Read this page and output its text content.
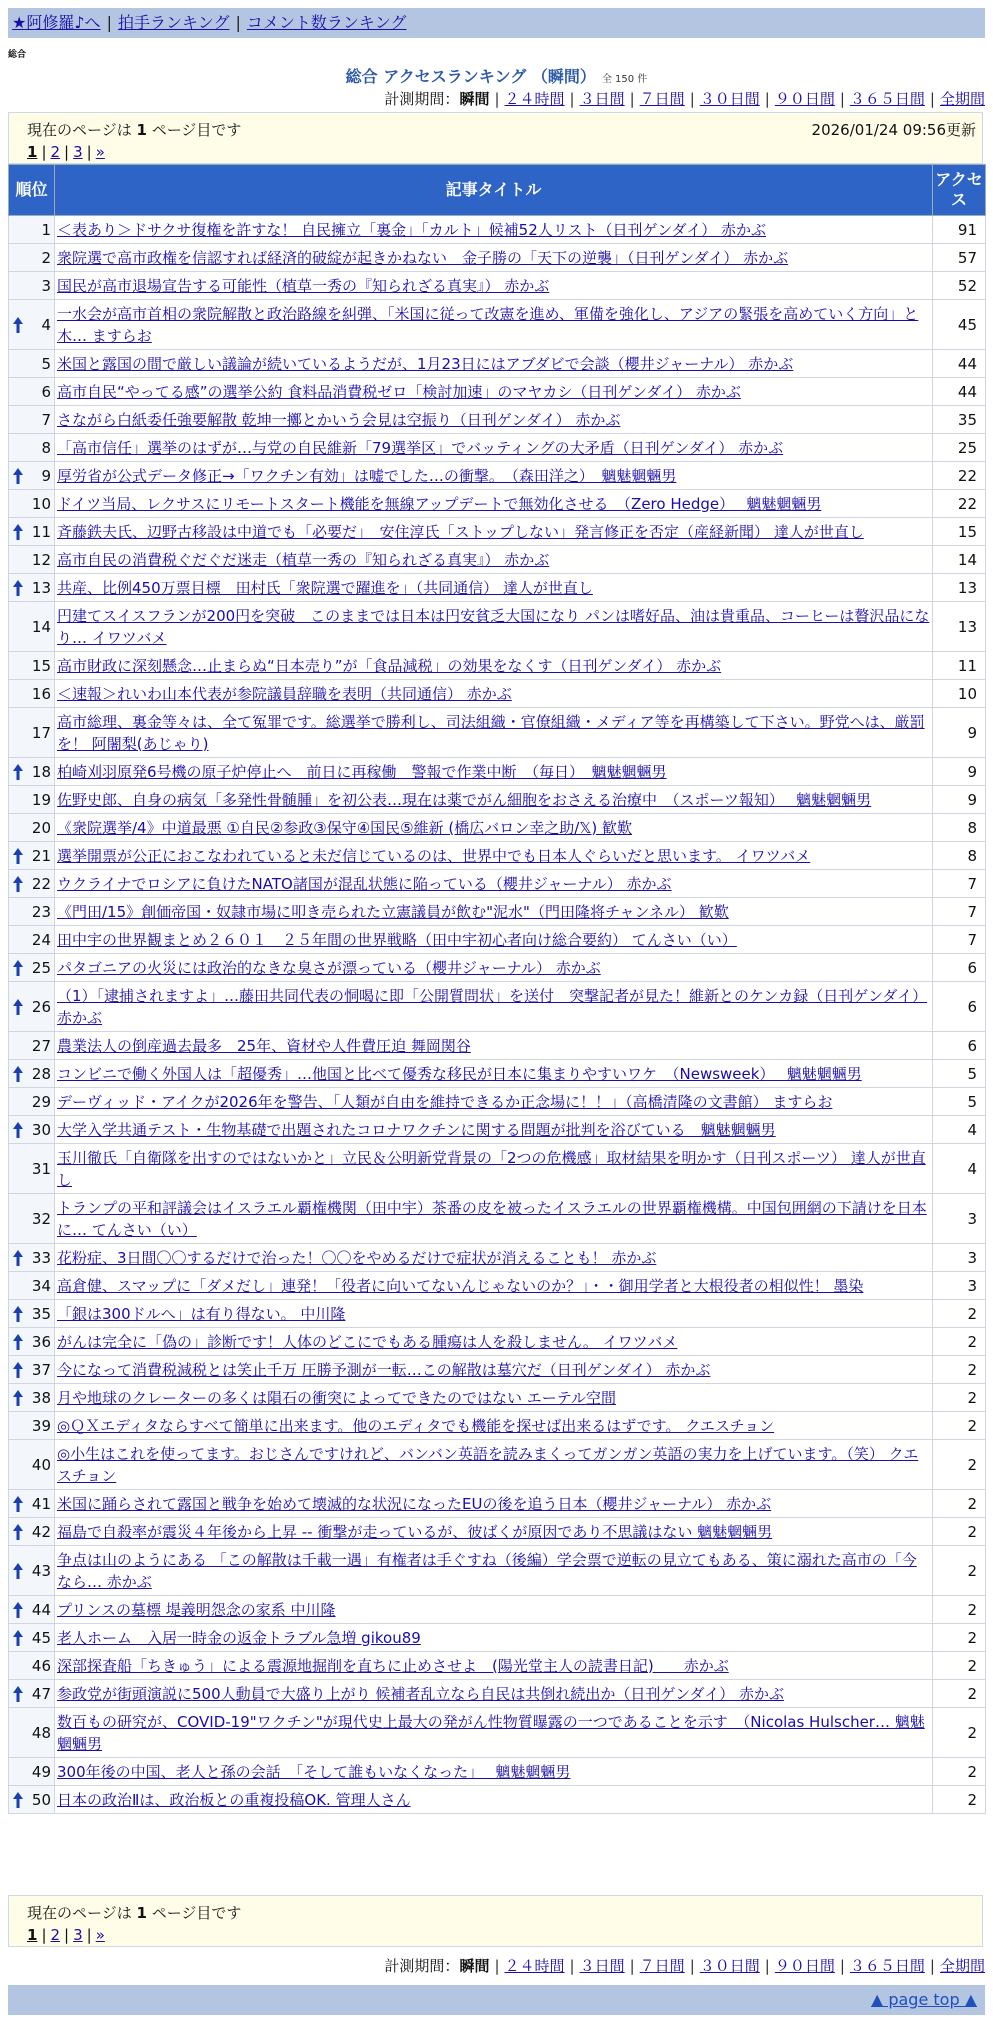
★阿修羅♪へ | 拍手ランキング | コメント数ランキング
総合
総合 アクセスランキング （瞬間） 全 150 件
計測期間：瞬間 | ２４時間 | ３日間 | ７日間 | ３０日間 | ９０日間 | ３６５日間 | 全期間
現在のページは 1 ページ目です	2026/01/24 09:56更新
1 | 2 | 3 | »
順位	記事タイトル	アクセス
1	＜表あり＞ドサクサ復権を許すな！ 自民擁立「裏金」「カルト」候補52人リスト（日刊ゲンダイ） 赤かぶ	91
2	衆院選で高市政権を信認すれば経済的破綻が起きかねない　金子勝の「天下の逆襲」（日刊ゲンダイ） 赤かぶ	57
3	国民が高市退場宣告する可能性（植草一秀の『知られざる真実』） 赤かぶ	52

4	一水会が高市首相の衆院解散と政治路線を糾弾、「米国に従って改憲を進め、軍備を強化し、アジアの緊張を高めていく方向」と木… ますらお	45
5	米国と露国の間で厳しい議論が続いているようだが、1月23日にはアブダビで会談（櫻井ジャーナル） 赤かぶ	44
6	高市自民“やってる感”の選挙公約 食料品消費税ゼロ「検討加速」のマヤカシ（日刊ゲンダイ） 赤かぶ	44
7	さながら白紙委任強要解散 乾坤一擲とかいう会見は空振り（日刊ゲンダイ） 赤かぶ	35
8	「高市信任」選挙のはずが…与党の自民維新「79選挙区」でバッティングの大矛盾（日刊ゲンダイ） 赤かぶ	25

9	厚労省が公式データ修正→「ワクチン有効」は嘘でした…の衝撃。　（森田洋之）　魑魅魍魎男	22
10	ドイツ当局、レクサスにリモートスタート機能を無線アップデートで無効化させる　（Zero Hedge）　 魑魅魍魎男	22

11	斉藤鉄夫氏、辺野古移設は中道でも「必要だ」　安住淳氏「ストップしない」発言修正を否定（産経新聞） 達人が世直し	15
12	高市自民の消費税ぐだぐだ迷走（植草一秀の『知られざる真実』） 赤かぶ	14

13	共産、比例450万票目標　田村氏「衆院選で躍進を」（共同通信） 達人が世直し	13
14	円建てスイスフランが200円を突破　このままでは日本は円安貧乏大国になり パンは嗜好品、油は貴重品、コーヒーは贅沢品になり… イワツバメ	13
15	高市財政に深刻懸念…止まらぬ“日本売り”が「食品減税」の効果をなくす（日刊ゲンダイ） 赤かぶ	11
16	＜速報＞れいわ山本代表が参院議員辞職を表明（共同通信） 赤かぶ	10
17	高市総理、裏金等々は、全て冤罪です。総選挙で勝利し、司法組織・官僚組織・メディア等を再構築して下さい。野党へは、厳罰を！ 阿闍梨(あじゃり)	9

18	柏崎刈羽原発6号機の原子炉停止へ　前日に再稼働　警報で作業中断　（毎日）　魑魅魍魎男	9
19	佐野史郎、自身の病気「多発性骨髄腫」を初公表…現在は薬でがん細胞をおさえる治療中　（スポーツ報知）　 魑魅魍魎男	9
20	《衆院選挙/4》中道最悪 ①自民②参政③保守④国民⑤維新 (橋広バロン幸之助/𝕏) 歓歎	8

21	選挙開票が公正におこなわれていると未だ信じているのは、世界中でも日本人ぐらいだと思います。 イワツバメ	8

22	ウクライナでロシアに負けたNATO諸国が混乱状態に陥っている（櫻井ジャーナル） 赤かぶ	7
23	《門田/15》創価帝国・奴隷市場に叩き売られた立憲議員が飲む"泥水"（門田隆将チャンネル） 歓歎	7
24	田中宇の世界観まとめ２６０１　２５年間の世界戦略（田中宇初心者向け総合要約） てんさい（い）	7

25	パタゴニアの火災には政治的なきな臭さが漂っている（櫻井ジャーナル） 赤かぶ	6

26	（1）「逮捕されますよ」…藤田共同代表の恫喝に即「公開質問状」を送付　突撃記者が見た！維新とのケンカ録（日刊ゲンダイ） 赤かぶ	6
27	農業法人の倒産過去最多　25年、資材や人件費圧迫 舞岡関谷	6

28	コンビニで働く外国人は「超優秀」…他国と比べて優秀な移民が日本に集まりやすいワケ　（Newsweek）　 魑魅魍魎男	5
29	デーヴィッド・アイクが2026年を警告、「人類が自由を維持できるか正念場に！！」（高橋清隆の文書館） ますらお	5

30	大学入学共通テスト・生物基礎で出題されたコロナワクチンに関する問題が批判を浴びている　魑魅魍魎男	4
31	玉川徹氏「自衛隊を出すのではないかと」立民＆公明新党背景の「2つの危機感」取材結果を明かす（日刊スポーツ） 達人が世直し	4
32	トランプの平和評議会はイスラエル覇権機関（田中宇）茶番の皮を被ったイスラエルの世界覇権機構。中国包囲網の下請けを日本に… てんさい（い）	3

33	花粉症、3日間〇〇するだけで治った！〇〇をやめるだけで症状が消えることも！ 赤かぶ	3
34	高倉健、スマップに「ダメだし」連発！「役者に向いてないんじゃないのか？」・・御用学者と大根役者の相似性！ 墨染	3

35	「銀は300ドルへ」は有り得ない。 中川隆	2

36	がんは完全に「偽の」診断です！人体のどこにでもある腫瘍は人を殺しません。 イワツバメ	2

37	今になって消費税減税とは笑止千万 圧勝予測が一転…この解散は墓穴だ（日刊ゲンダイ） 赤かぶ	2

38	月や地球のクレーターの多くは隕石の衝突によってできたのではない エーテル空間	2
39	◎ＱＸエディタならすべて簡単に出来ます。他のエディタでも機能を探せば出来るはずです。 クエスチョン	2
40	◎小生はこれを使ってます。おじさんですけれど、バンバン英語を読みまくってガンガン英語の実力を上げています。（笑） クエスチョン	2

41	米国に踊らされて露国と戦争を始めて壊滅的な状況になったEUの後を追う日本（櫻井ジャーナル） 赤かぶ	2

42	福島で自殺率が震災４年後から上昇 -- 衝撃が走っているが、彼ばくが原因であり不思議はない 魑魅魍魎男	2

43	争点は山のようにある 「この解散は千載一遇」有権者は手ぐすね（後編）学会票で逆転の見立てもある、策に溺れた高市の「今なら… 赤かぶ	2

44	プリンスの墓標 堤義明怨念の家系 中川隆	2

45	老人ホーム　入居一時金の返金トラブル急増 gikou89	2
46	深部探査船「ちきゅう」による震源地掘削を直ちに止めさせよ　(陽光堂主人の読書日記)　　赤かぶ	2

47	参政党が街頭演説に500人動員で大盛り上がり 候補者乱立なら自民は共倒れ続出か（日刊ゲンダイ） 赤かぶ	2
48	数百もの研究が、COVID-19"ワクチン"が現代史上最大の発がん性物質曝露の一つであることを示す　（Nicolas Hulscher… 魑魅魍魎男	2
49	300年後の中国、老人と孫の会話　「そして誰もいなくなった」　 魑魅魍魎男	2

50	日本の政治Ⅱは、政治板との重複投稿OK. 管理人さん	2
現在のページは 1 ページ目です
1 | 2 | 3 | »
計測期間：瞬間 | ２４時間 | ３日間 | ７日間 | ３０日間 | ９０日間 | ３６５日間 | 全期間
▲ page top ▲
